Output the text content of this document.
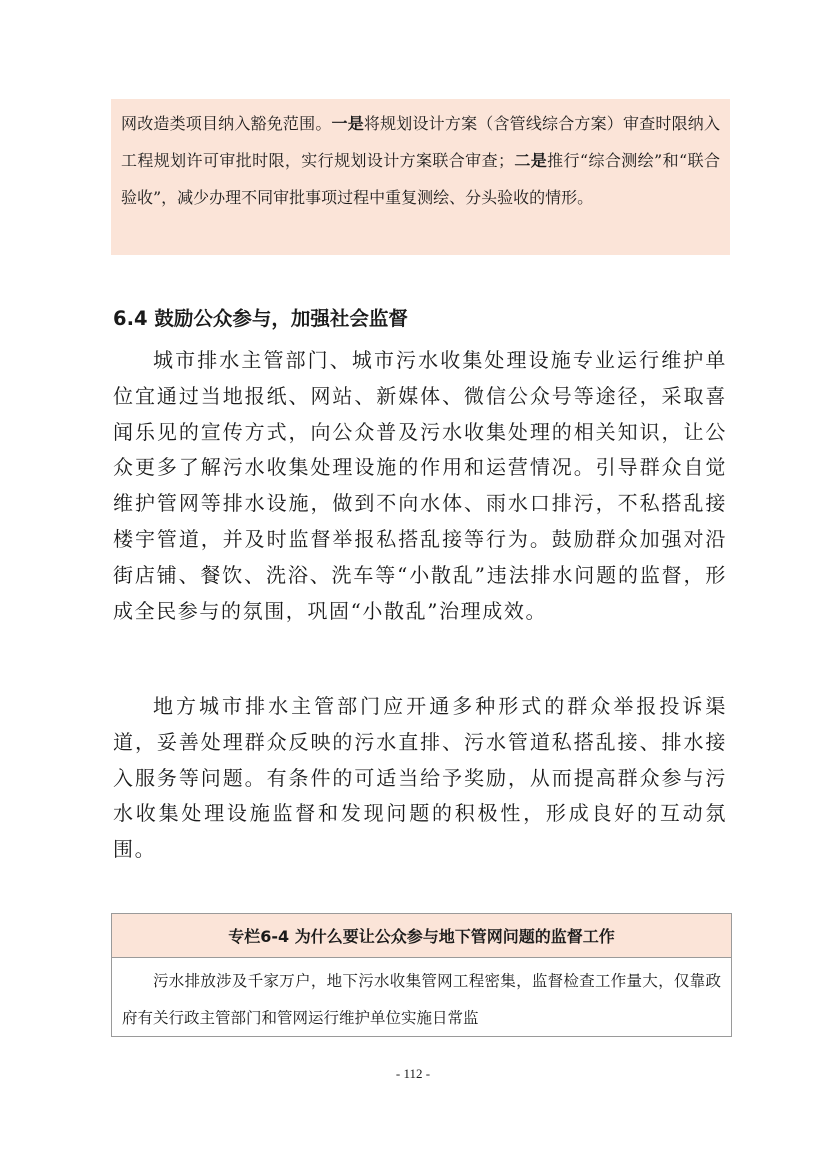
网改造类项目纳入豁免范围。一是将规划设计方案（含管线综合方案）审查时限纳入工程规划许可审批时限，实行规划设计方案联合审查；二是推行“综合测绘”和“联合验收”，减少办理不同审批事项过程中重复测绘、分头验收的情形。

6.4 鼓励公众参与，加强社会监督

城市排水主管部门、城市污水收集处理设施专业运行维护单位宜通过当地报纸、网站、新媒体、微信公众号等途径，采取喜闻乐见的宣传方式，向公众普及污水收集处理的相关知识，让公众更多了解污水收集处理设施的作用和运营情况。引导群众自觉维护管网等排水设施，做到不向水体、雨水口排污，不私搭乱接楼宇管道，并及时监督举报私搭乱接等行为。鼓励群众加强对沿街店铺、餐饮、洗浴、洗车等“小散乱”违法排水问题的监督，形成全民参与的氛围，巩固“小散乱”治理成效。

地方城市排水主管部门应开通多种形式的群众举报投诉渠道，妥善处理群众反映的污水直排、污水管道私搭乱接、排水接入服务等问题。有条件的可适当给予奖励，从而提高群众参与污水收集处理设施监督和发现问题的积极性，形成良好的互动氛围。

专栏6-4 为什么要让公众参与地下管网问题的监督工作

污水排放涉及千家万户，地下污水收集管网工程密集，监督检查工作量大，仅靠政府有关行政主管部门和管网运行维护单位实施日常监

- 112 -
